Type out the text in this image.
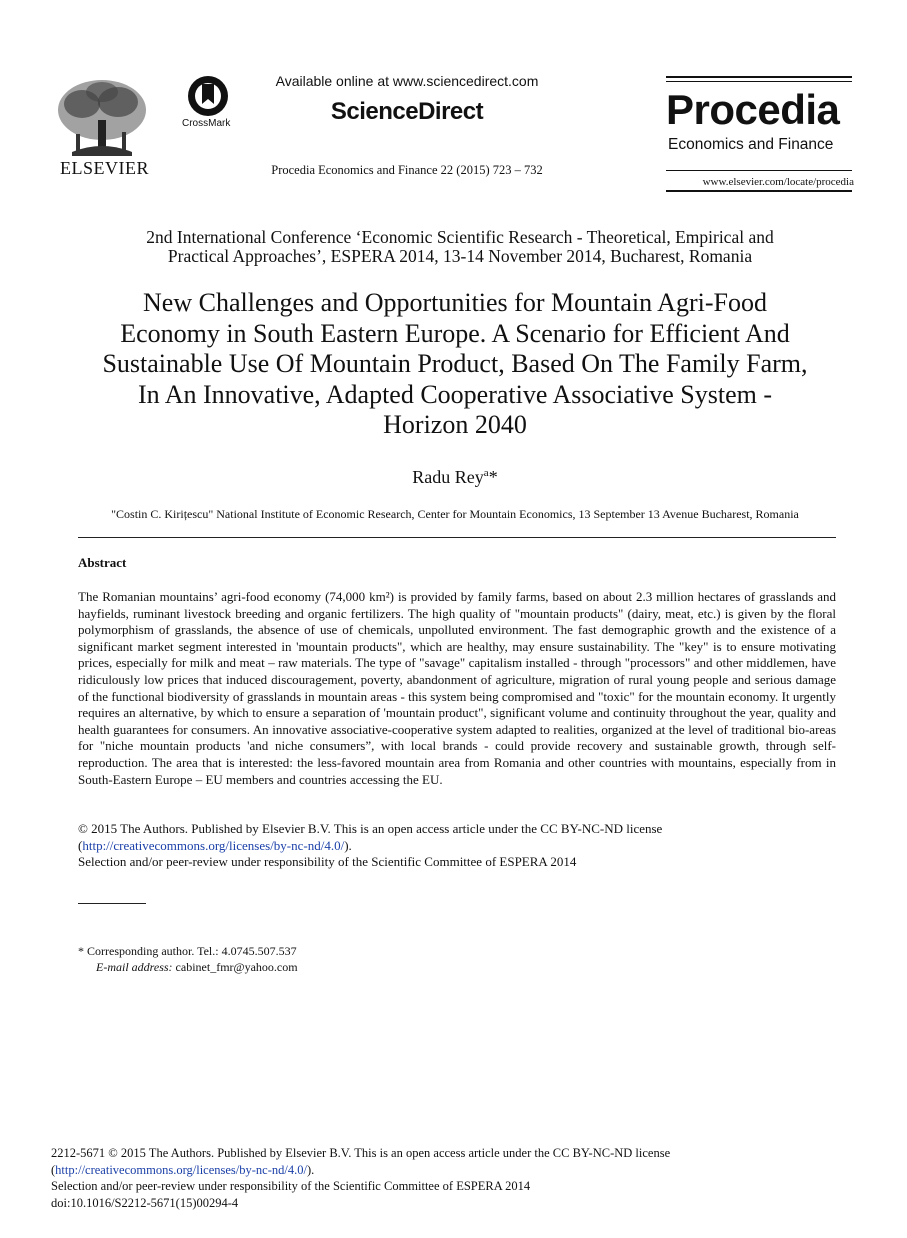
ELSEVIER
CrossMark
Available online at www.sciencedirect.com
ScienceDirect
Procedia Economics and Finance 22 (2015) 723 – 732
Procedia
Economics and Finance
www.elsevier.com/locate/procedia
2nd International Conference ‘Economic Scientific Research - Theoretical, Empirical and
Practical Approaches’, ESPERA 2014, 13-14 November 2014, Bucharest, Romania
New Challenges and Opportunities for Mountain Agri-Food
Economy in South Eastern Europe. A Scenario for Efficient And
Sustainable Use Of Mountain Product, Based On The Family Farm,
In An Innovative, Adapted Cooperative Associative System -
Horizon 2040
Radu Rey$^a$*
"Costin C. Kirițescu" National Institute of Economic Research, Center for Mountain Economics, 13 September 13 Avenue Bucharest, Romania
Abstract
The Romanian mountains’ agri-food economy (74,000 km²) is provided by family farms, based on about 2.3 million hectares of grasslands and hayfields, ruminant livestock breeding and organic fertilizers. The high quality of "mountain products" (dairy, meat, etc.) is given by the floral polymorphism of grasslands, the absence of use of chemicals, unpolluted environment. The fast demographic growth and the existence of a significant market segment interested in 'mountain products", which are healthy, may ensure sustainability. The "key" is to ensure motivating prices, especially for milk and meat – raw materials. The type of "savage" capitalism installed - through "processors" and other middlemen, have ridiculously low prices that induced discouragement, poverty, abandonment of agriculture, migration of rural young people and serious damage of the functional biodiversity of grasslands in mountain areas - this system being compromised and "toxic" for the mountain economy. It urgently requires an alternative, by which to ensure a separation of 'mountain product", significant volume and continuity throughout the year, quality and health guarantees for consumers. An innovative associative-cooperative system adapted to realities, organized at the level of traditional bio-areas for "niche mountain products 'and niche consumers”, with local brands - could provide recovery and sustainable growth, through self-reproduction. The area that is interested: the less-favored mountain area from Romania and other countries with mountains, especially from in South-Eastern Europe – EU members and countries accessing the EU.
© 2015 The Authors. Published by Elsevier B.V. This is an open access article under the CC BY-NC-ND license
(http://creativecommons.org/licenses/by-nc-nd/4.0/).
Selection and/or peer-review under responsibility of the Scientific Committee of ESPERA 2014
* Corresponding author. Tel.: 4.0745.507.537
E-mail address: cabinet_fmr@yahoo.com
2212-5671 © 2015 The Authors. Published by Elsevier B.V. This is an open access article under the CC BY-NC-ND license
(http://creativecommons.org/licenses/by-nc-nd/4.0/).
Selection and/or peer-review under responsibility of the Scientific Committee of ESPERA 2014
doi:10.1016/S2212-5671(15)00294-4
